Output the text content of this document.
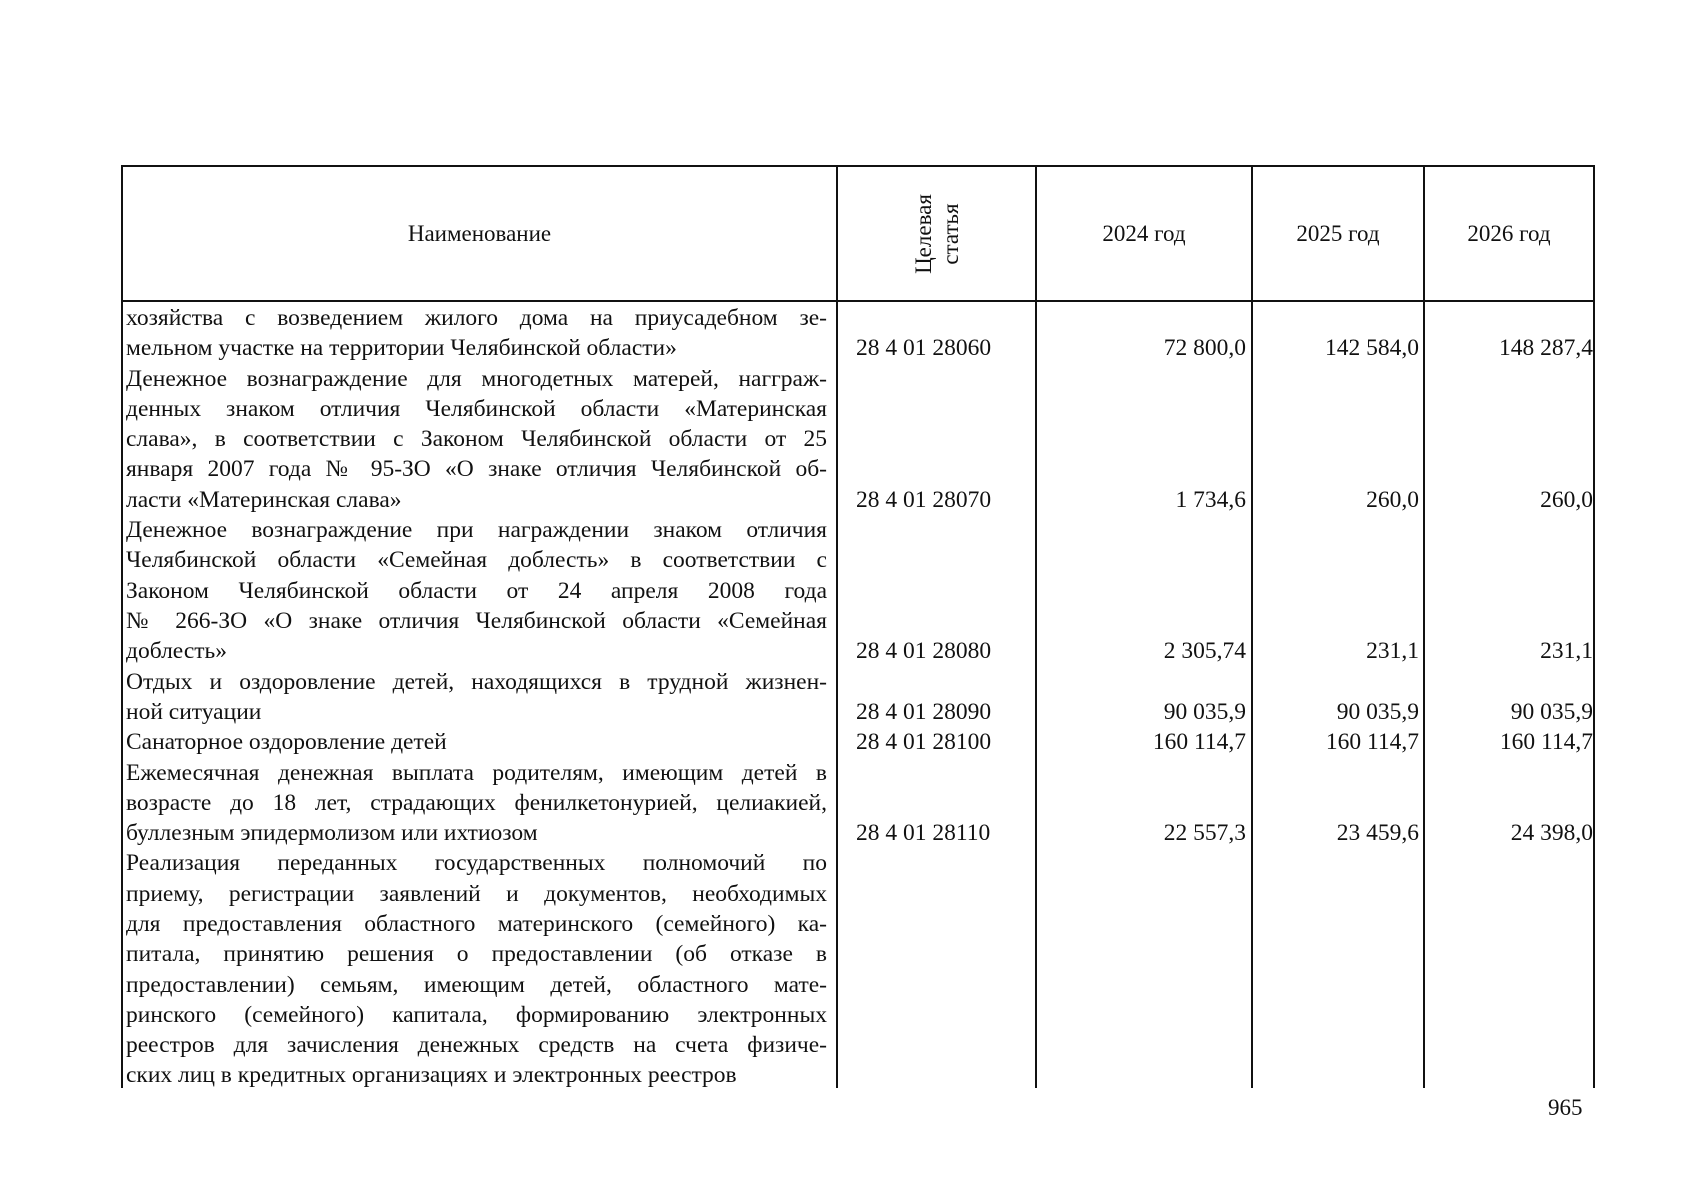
Наименование	Целевая статья	2024 год	2025 год	2026 год
хозяйства с возведением жилого дома на приусадебном зе-
мельном участке на территории Челябинской области»	28 4 01 28060	72 800,0	142 584,0	148 287,4
Денежное вознаграждение для многодетных матерей, нагграж-
денных знаком отличия Челябинской области «Материнская
слава», в соответствии с Законом Челябинской области от 25
января 2007 года № 95-ЗО «О знаке отличия Челябинской об-
ласти «Материнская слава»	28 4 01 28070	1 734,6	260,0	260,0
Денежное вознаграждение при награждении знаком отличия
Челябинской области «Семейная доблесть» в соответствии с
Законом Челябинской области от 24 апреля 2008 года
№ 266-ЗО «О знаке отличия Челябинской области «Семейная
доблесть»	28 4 01 28080	2 305,74	231,1	231,1
Отдых и оздоровление детей, находящихся в трудной жизнен-
ной ситуации	28 4 01 28090	90 035,9	90 035,9	90 035,9
Санаторное оздоровление детей	28 4 01 28100	160 114,7	160 114,7	160 114,7
Ежемесячная денежная выплата родителям, имеющим детей в
возрасте до 18 лет, страдающих фенилкетонурией, целиакией,
буллезным эпидермолизом или ихтиозом	28 4 01 28110	22 557,3	23 459,6	24 398,0
Реализация переданных государственных полномочий по
приему, регистрации заявлений и документов, необходимых
для предоставления областного материнского (семейного) ка-
питала, принятию решения о предоставлении (об отказе в
предоставлении) семьям, имеющим детей, областного мате-
ринского (семейного) капитала, формированию электронных
реестров для зачисления денежных средств на счета физиче-
ских лиц в кредитных организациях и электронных реестров
965
